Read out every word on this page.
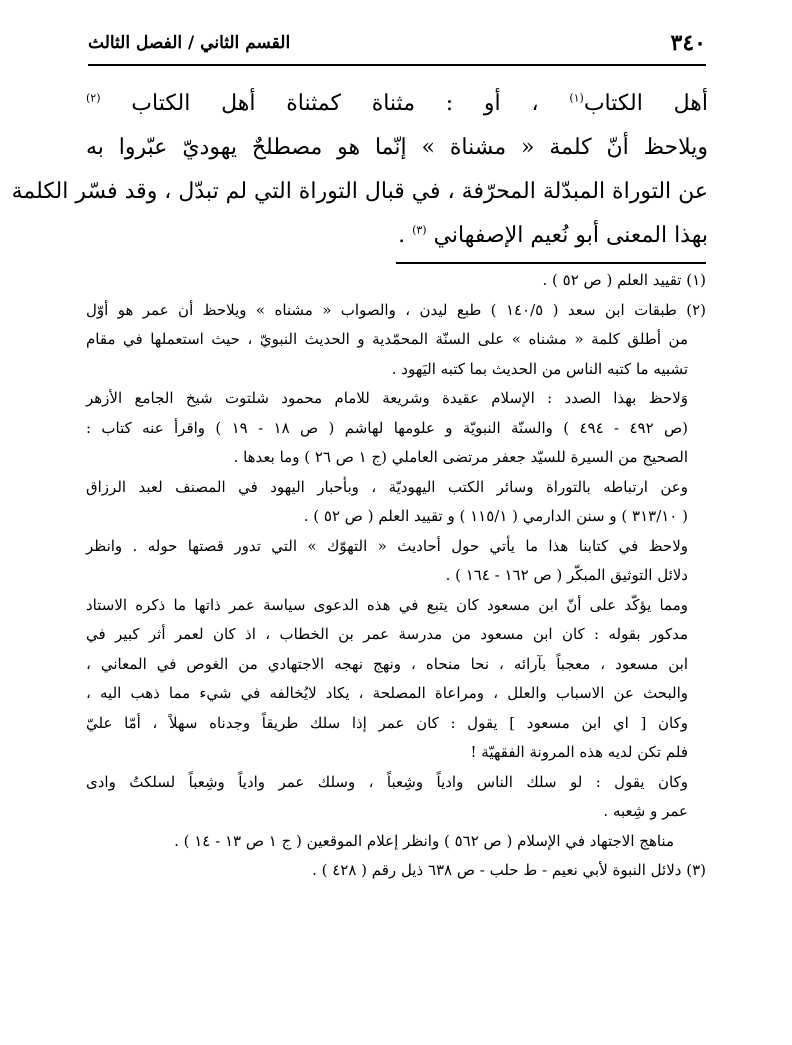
٣٤٠
القسم الثاني / الفصل الثالث
أهل الكتاب$^{(١)}$ ، أو : مثناة كمثناة أهل الكتاب $^{(٢)}$
ويلاحظ أنّ كلمة « مشناة » إنّما هو مصطلحٌ يهوديّ عبّروا به
عن التوراة المبدّلة المحرّفة ، في قبال التوراة التي لم تبدّل ، وقد فسّر الكلمة
بهذا المعنى أبو نُعيم الإصفهاني $^{(٣)}$ .
(١) تقييد العلم ( ص ٥٢ ) .
(٢) طبقات ابن سعد ( ١٤٠/٥ ) طبع ليدن ، والصواب « مشناه » ويلاحظ أن عمر هو أوّل
من أطلق كلمة « مشناه » على السنّة المحمّدية و الحديث النبويّ ، حيث استعملها في مقام
تشبيه ما كتبه الناس من الحديث بما كتبه اليَهود .
وَلاحظ بهذا الصدد : الإسلام عقيدة وشريعة للامام محمود شلتوت شيخ الجامع الأزهر
(ص ٤٩٢ - ٤٩٤ ) والسنّة النبويّة و علومها لهاشم ( ص ١٨ - ١٩ ) واقرأ عنه كتاب :
الصحيح من السيرة للسيّد جعفر مرتضى العاملي (ج ١ ص ٢٦ ) وما بعدها .
وعن ارتباطه بالتوراة وسائر الكتب اليهوديّة ، وبأحبار اليهود في المصنف لعبد الرزاق
( ٣١٣/١٠ ) و سنن الدارمي ( ١١٥/١ ) و تقييد العلم ( ص ٥٢ ) .
ولاحظ في كتابنا هذا ما يأتي حول أحاديث « التهوّك » التي تدور قصتها حوله . وانظر
دلائل التوثيق المبكّر ( ص ١٦٢ - ١٦٤ ) .
ومما يؤكّد على أنّ ابن مسعود كان يتبع في هذه الدعوى سياسة عمر ذاتها ما ذكره الاستاد
مدكور بقوله : كان ابن مسعود من مدرسة عمر بن الخطاب ، اذ كان لعمر أثر كبير في
ابن مسعود ، معجباً بآرائه ، نحا منحاه ، ونهج نهجه الاجتهادي من الغوص في المعاني ،
والبحث عن الاسباب والعلل ، ومراعاة المصلحة ، يكاد لايُخالفه في شيء مما ذهب اليه ،
وكان [ اي ابن مسعود ] يقول : كان عمر إذا سلك طريقاً وجدناه سهلاً ، أمّا عليّ
فلم تكن لديه هذه المرونة الفقهيّة !
وكان يقول : لو سلك الناس وادياً وشِعباً ، وسلك عمر وادياً وشِعباً لسلكتُ وادى
عمر و شِعبه .
مناهج الاجتهاد في الإسلام ( ص ٥٦٢ ) وانظر إعلام الموقعين ( ج ١ ص ١٣ - ١٤ ) .
(٣) دلائل النبوة لأبي نعيم - ط حلب - ص ٦٣٨ ذيل رقم ( ٤٢٨ ) .
